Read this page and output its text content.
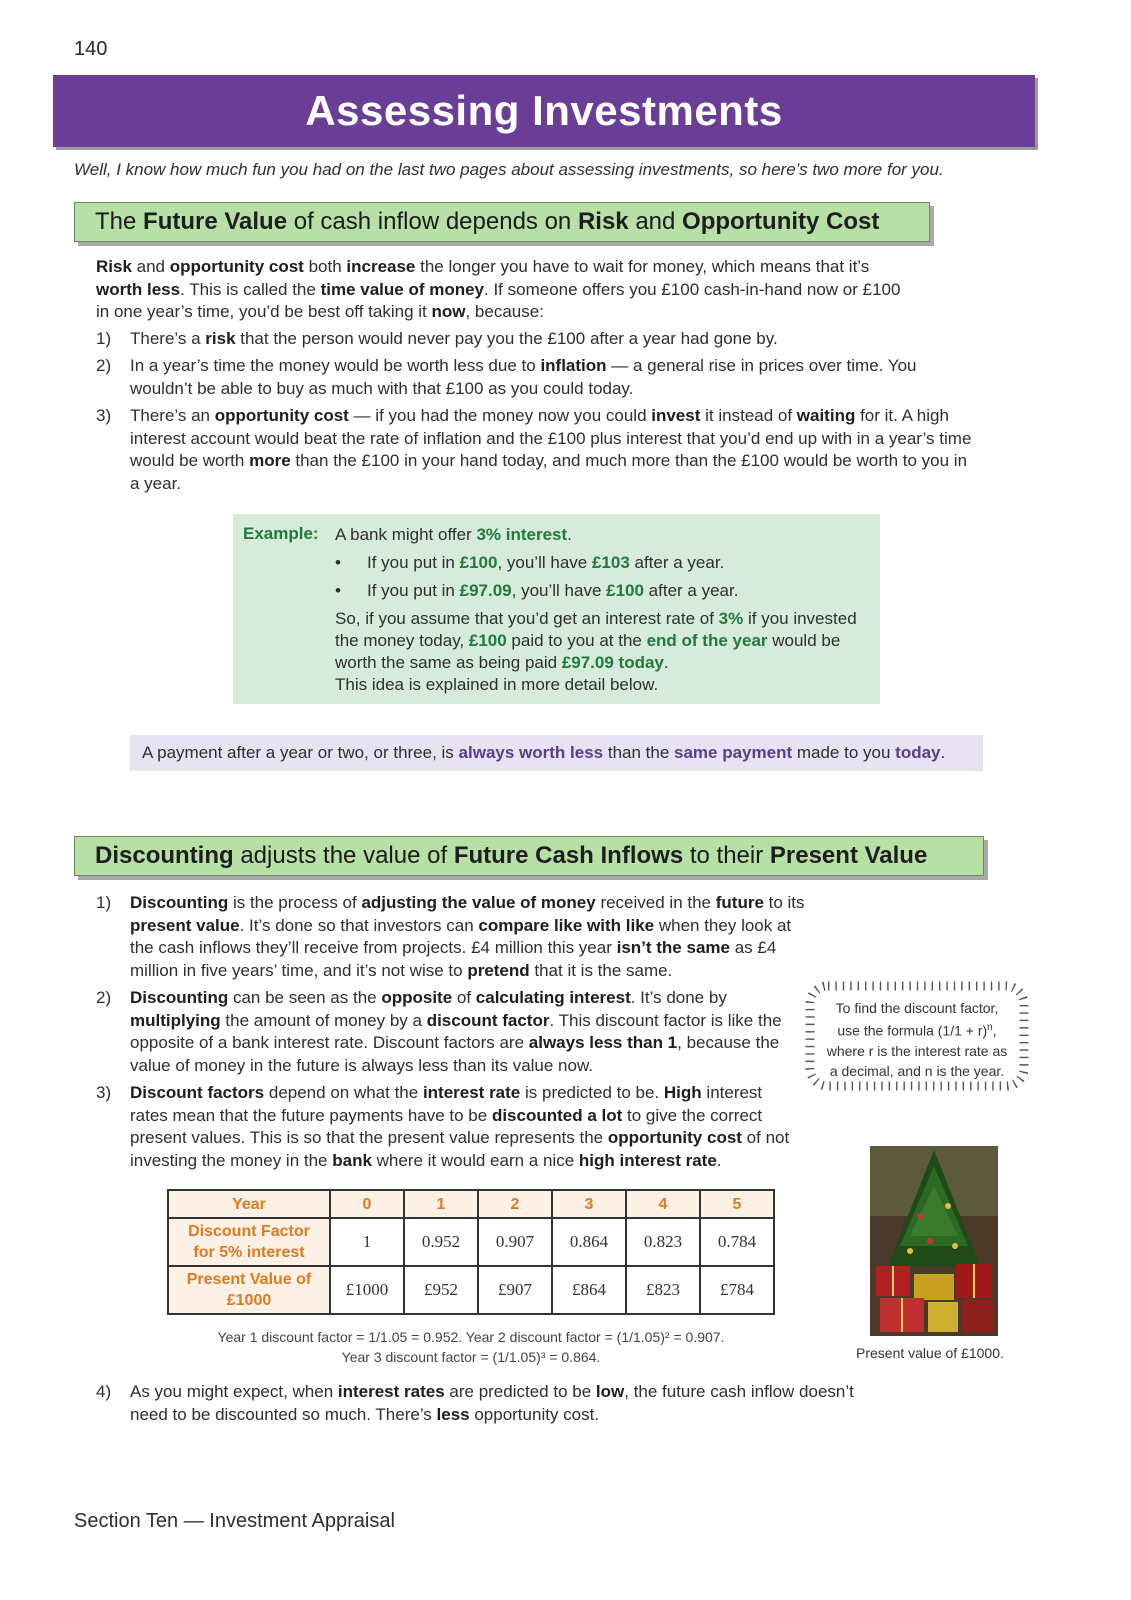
140
Assessing Investments
Well, I know how much fun you had on the last two pages about assessing investments, so here’s two more for you.
The
Future Value
of cash inflow depends on
Risk
and
Opportunity Cost
Risk and opportunity cost both increase the longer you have to wait for money, which means that it’s worth less. This is called the time value of money. If someone offers you £100 cash-in-hand now or £100 in one year’s time, you’d be best off taking it now, because:
1)	There’s a risk that the person would never pay you the £100 after a year had gone by.
2)	In a year’s time the money would be worth less due to inflation — a general rise in prices over time. You wouldn’t be able to buy as much with that £100 as you could today.
3)	There’s an opportunity cost — if you had the money now you could invest it instead of waiting for it. A high interest account would beat the rate of inflation and the £100 plus interest that you’d end up with in a year’s time would be worth more than the £100 in your hand today, and much more than the £100 would be worth to you in a year.
Example: A bank might offer 3% interest.
•	If you put in £100, you’ll have £103 after a year.
•	If you put in £97.09, you’ll have £100 after a year.
So, if you assume that you’d get an interest rate of 3% if you invested the money today, £100 paid to you at the end of the year would be worth the same as being paid £97.09 today.
This idea is explained in more detail below.
A payment after a year or two, or three, is always worth less than the same payment made to you today.
Discounting
adjusts the value of
Future Cash Inflows
to their
Present Value
1)	Discounting is the process of adjusting the value of money received in the future to its present value. It’s done so that investors can compare like with like when they look at the cash inflows they’ll receive from projects. £4 million this year isn’t the same as £4 million in five years’ time, and it’s not wise to pretend that it is the same.
2)	Discounting can be seen as the opposite of calculating interest. It’s done by multiplying the amount of money by a discount factor. This discount factor is like the opposite of a bank interest rate. Discount factors are always less than 1, because the value of money in the future is always less than its value now.
3)	Discount factors depend on what the interest rate is predicted to be. High interest rates mean that the future payments have to be discounted a lot to give the correct present values. This is so that the present value represents the opportunity cost of not investing the money in the bank where it would earn a nice high interest rate.
To find the discount factor,
use the formula $(1/1 + r)^n$,
where r is the interest rate as
a decimal, and n is the year.
Year	0	1	2	3	4	5
Discount Factor
for 5% interest	1	0.952	0.907	0.864	0.823	0.784
Present Value of
£1000	£1000	£952	£907	£864	£823	£784
Year 1 discount factor = 1/1.05 = 0.952. Year 2 discount factor = (1/1.05)² = 0.907.
Year 3 discount factor = (1/1.05)³ = 0.864.	Present value of £1000.
4)	As you might expect, when interest rates are predicted to be low, the future cash inflow doesn’t need to be discounted so much. There’s less opportunity cost.
Section Ten — Investment Appraisal
